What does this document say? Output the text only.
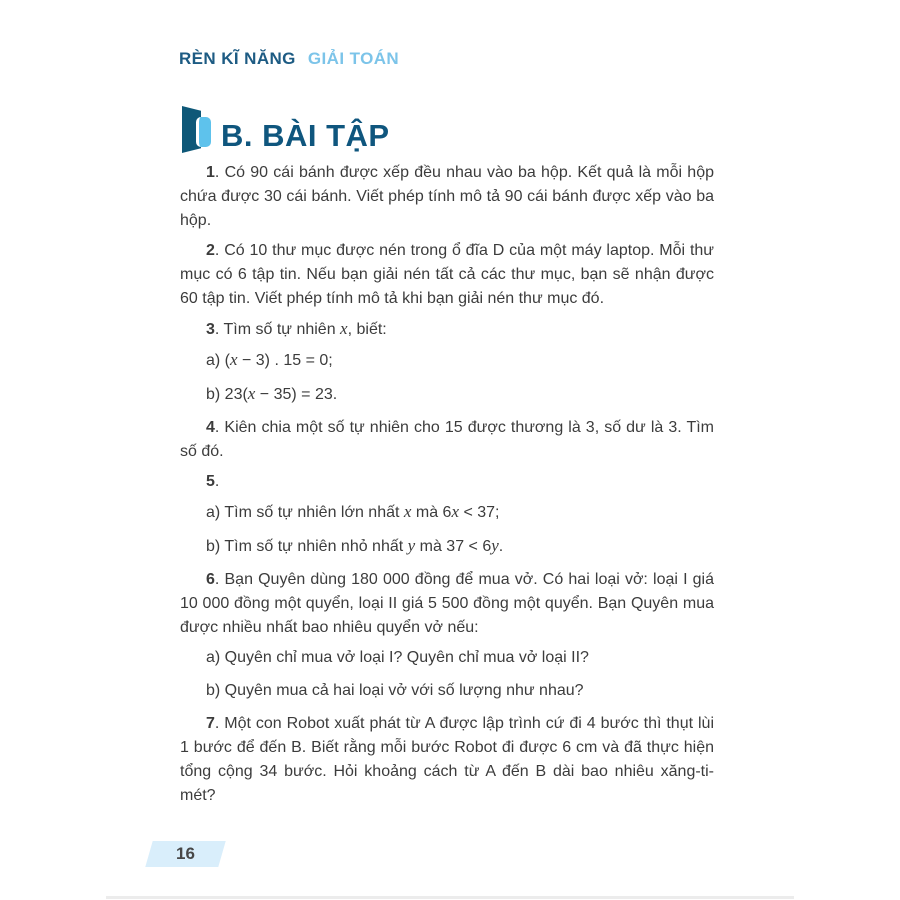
RÈN KĨ NĂNG GIẢI TOÁN
B. BÀI TẬP

1. Có 90 cái bánh được xếp đều nhau vào ba hộp. Kết quả là mỗi hộp chứa được 30 cái bánh. Viết phép tính mô tả 90 cái bánh được xếp vào ba hộp.

2. Có 10 thư mục được nén trong ổ đĩa D của một máy laptop. Mỗi thư mục có 6 tập tin. Nếu bạn giải nén tất cả các thư mục, bạn sẽ nhận được 60 tập tin. Viết phép tính mô tả khi bạn giải nén thư mục đó.

3. Tìm số tự nhiên x, biết:

a) (x − 3) . 15 = 0;

b) 23(x − 35) = 23.

4. Kiên chia một số tự nhiên cho 15 được thương là 3, số dư là 3. Tìm số đó.

5.

a) Tìm số tự nhiên lớn nhất x mà 6x < 37;

b) Tìm số tự nhiên nhỏ nhất y mà 37 < 6y.

6. Bạn Quyên dùng 180 000 đồng để mua vở. Có hai loại vở: loại I giá 10 000 đồng một quyển, loại II giá 5 500 đồng một quyển. Bạn Quyên mua được nhiều nhất bao nhiêu quyển vở nếu:

a) Quyên chỉ mua vở loại I? Quyên chỉ mua vở loại II?

b) Quyên mua cả hai loại vở với số lượng như nhau?

7. Một con Robot xuất phát từ A được lập trình cứ đi 4 bước thì thụt lùi 1 bước để đến B. Biết rằng mỗi bước Robot đi được 6 cm và đã thực hiện tổng cộng 34 bước. Hỏi khoảng cách từ A đến B dài bao nhiêu xăng-ti-mét?

16
